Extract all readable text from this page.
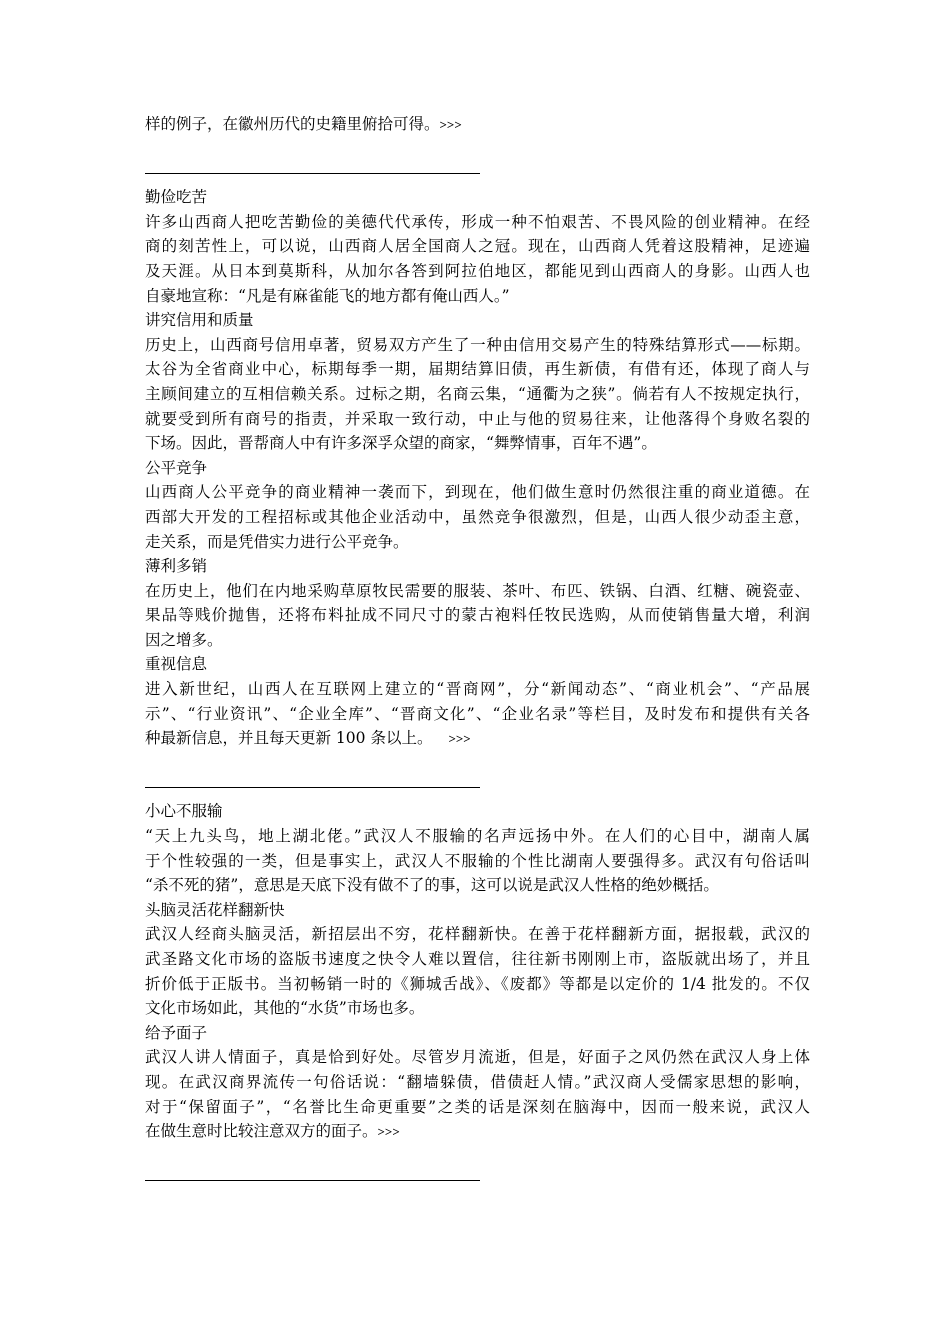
样的例子，在徽州历代的史籍里俯拾可得。>>>
勤俭吃苦
许多山西商人把吃苦勤俭的美德代代承传，形成一种不怕艰苦、不畏风险的创业精神。在经
商的刻苦性上，可以说，山西商人居全国商人之冠。现在，山西商人凭着这股精神，足迹遍
及天涯。从日本到莫斯科，从加尔各答到阿拉伯地区，都能见到山西商人的身影。山西人也
自豪地宣称：“凡是有麻雀能飞的地方都有俺山西人。”
讲究信用和质量
历史上，山西商号信用卓著，贸易双方产生了一种由信用交易产生的特殊结算形式——标期。
太谷为全省商业中心，标期每季一期，届期结算旧债，再生新债，有借有还，体现了商人与
主顾间建立的互相信赖关系。过标之期，名商云集，“通衢为之狭”。倘若有人不按规定执行，
就要受到所有商号的指责，并采取一致行动，中止与他的贸易往来，让他落得个身败名裂的
下场。因此，晋帮商人中有许多深孚众望的商家，“舞弊情事，百年不遇”。
公平竞争
山西商人公平竞争的商业精神一袭而下，到现在，他们做生意时仍然很注重的商业道德。在
西部大开发的工程招标或其他企业活动中，虽然竞争很激烈，但是，山西人很少动歪主意，
走关系，而是凭借实力进行公平竞争。
薄利多销
在历史上，他们在内地采购草原牧民需要的服装、茶叶、布匹、铁锅、白酒、红糖、碗瓷壶、
果品等贱价抛售，还将布料扯成不同尺寸的蒙古袍料任牧民选购，从而使销售量大增，利润
因之增多。
重视信息
进入新世纪，山西人在互联网上建立的“晋商网”，分“新闻动态”、“商业机会”、“产品展
示”、“行业资讯”、“企业全库”、“晋商文化”、“企业名录”等栏目，及时发布和提供有关各
种最新信息，并且每天更新 100 条以上。 >>>
小心不服输
“天上九头鸟，地上湖北佬。”武汉人不服输的名声远扬中外。在人们的心目中，湖南人属
于个性较强的一类，但是事实上，武汉人不服输的个性比湖南人要强得多。武汉有句俗话叫
“杀不死的猪”，意思是天底下没有做不了的事，这可以说是武汉人性格的绝妙概括。
头脑灵活花样翻新快
武汉人经商头脑灵活，新招层出不穷，花样翻新快。在善于花样翻新方面，据报载，武汉的
武圣路文化市场的盗版书速度之快令人难以置信，往往新书刚刚上市，盗版就出场了，并且
折价低于正版书。当初畅销一时的《狮城舌战》、《废都》等都是以定价的 1/4 批发的。不仅
文化市场如此，其他的“水货”市场也多。
给予面子
武汉人讲人情面子，真是恰到好处。尽管岁月流逝，但是，好面子之风仍然在武汉人身上体
现。在武汉商界流传一句俗话说：“翻墙躲债，借债赶人情。”武汉商人受儒家思想的影响，
对于“保留面子”，“名誉比生命更重要”之类的话是深刻在脑海中，因而一般来说，武汉人
在做生意时比较注意双方的面子。>>>
